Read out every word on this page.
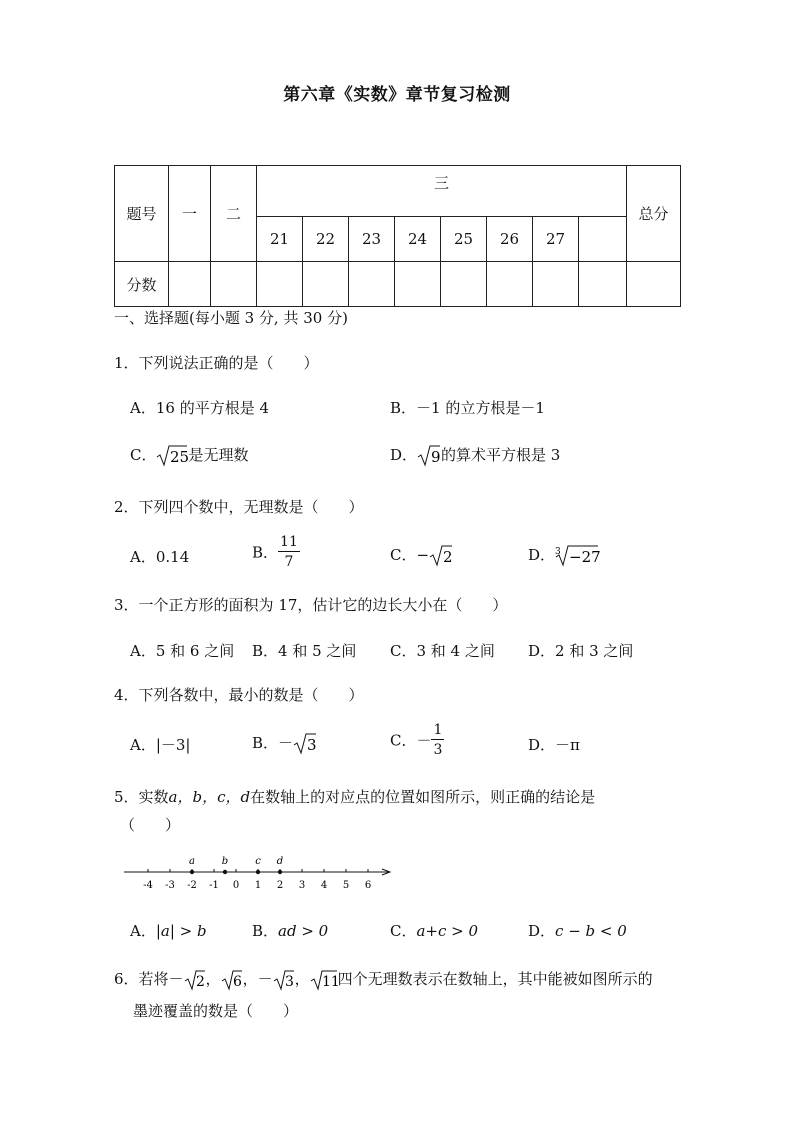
第六章《实数》章节复习检测
题号	一	二	三								总分
			21	22	23	24	25	26	27		
分数											
一、选择题(每小题 3 分, 共 30 分)
1．下列说法正确的是（　　）
A．16 的平方根是 4	B．－1 的立方根是－1
C． 25
是无理数	D． 9 的算术平方根是 3
2．下列四个数中，无理数是（　　）
A．0.14	B． $\frac{11}{7}$	C．− 2	D． 3 −27
3．一个正方形的面积为 17，估计它的边长大小在（　　）
A．5 和 6 之间 B．4 和 5 之间 C．3 和 4 之间 D．2 和 3 之间
4．下列各数中，最小的数是（　　）
A．|－3|	B．－ 3	C．－ $\frac{1}{3}$	D．－π
5．实数a，b，c，d在数轴上的对应点的位置如图所示，则正确的结论是
（　　）
-4 -3 -2 -1 0 1 2 3 4 5 6
a	b	c d
A．|a| > b	B．ad > 0	C．a+c > 0	D．c − b < 0
6．若将－ 2 ， 6 ，－ 3 ， 11
四个无理数表示在数轴上，其中能被如图所示的
墨迹覆盖的数是（　　）
